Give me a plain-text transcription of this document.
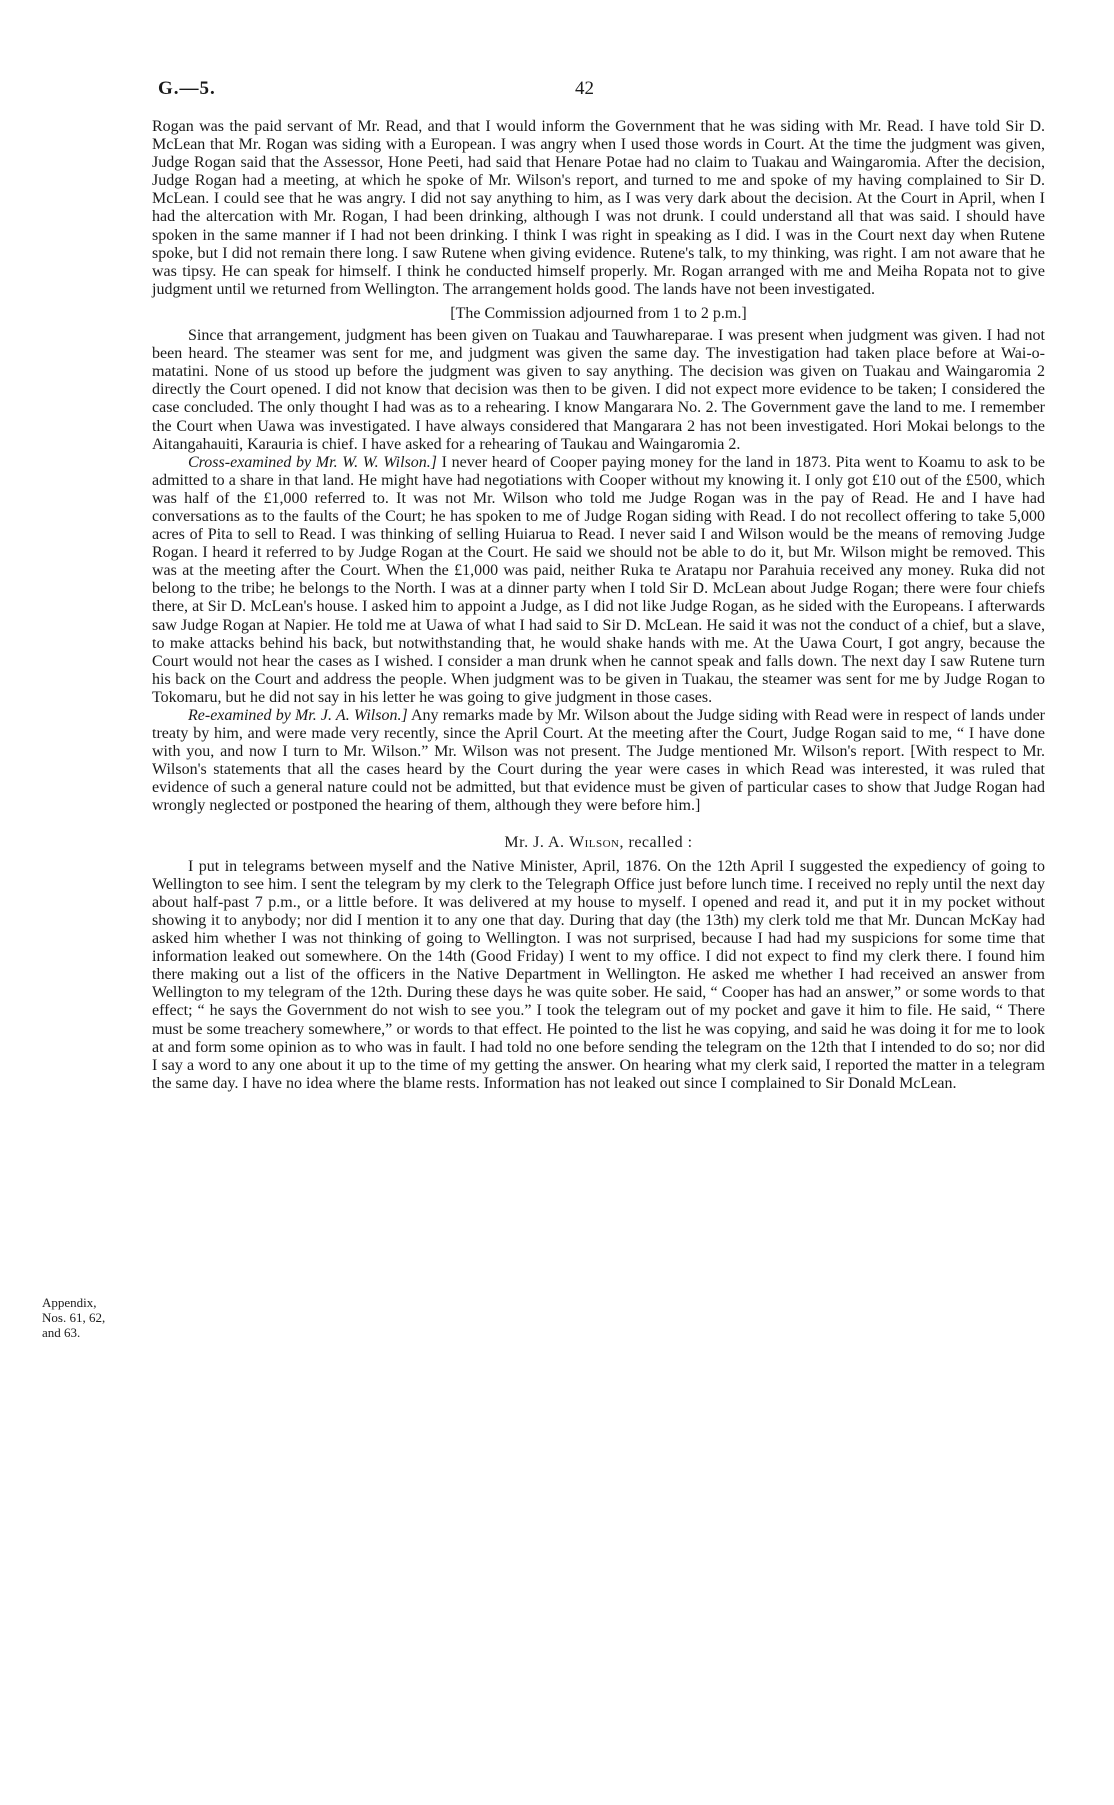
G.—5.	42

Rogan was the paid servant of Mr. Read, and that I would inform the Government that he was siding with Mr. Read. I have told Sir D. McLean that Mr. Rogan was siding with a European. I was angry when I used those words in Court. At the time the judgment was given, Judge Rogan said that the Assessor, Hone Peeti, had said that Henare Potae had no claim to Tuakau and Waingaromia. After the decision, Judge Rogan had a meeting, at which he spoke of Mr. Wilson's report, and turned to me and spoke of my having complained to Sir D. McLean. I could see that he was angry. I did not say anything to him, as I was very dark about the decision. At the Court in April, when I had the altercation with Mr. Rogan, I had been drinking, although I was not drunk. I could understand all that was said. I should have spoken in the same manner if I had not been drinking. I think I was right in speaking as I did. I was in the Court next day when Rutene spoke, but I did not remain there long. I saw Rutene when giving evidence. Rutene's talk, to my thinking, was right. I am not aware that he was tipsy. He can speak for himself. I think he conducted himself properly. Mr. Rogan arranged with me and Meiha Ropata not to give judgment until we returned from Wellington. The arrangement holds good. The lands have not been investigated.

[The Commission adjourned from 1 to 2 p.m.]

Since that arrangement, judgment has been given on Tuakau and Tauwhareparae. I was present when judgment was given. I had not been heard. The steamer was sent for me, and judgment was given the same day. The investigation had taken place before at Wai-o-matatini. None of us stood up before the judgment was given to say anything. The decision was given on Tuakau and Waingaromia 2 directly the Court opened. I did not know that decision was then to be given. I did not expect more evidence to be taken; I considered the case concluded. The only thought I had was as to a rehearing. I know Mangarara No. 2. The Government gave the land to me. I remember the Court when Uawa was investigated. I have always considered that Mangarara 2 has not been investigated. Hori Mokai belongs to the Aitangahauiti, Karauria is chief. I have asked for a rehearing of Taukau and Waingaromia 2.

Cross-examined by Mr. W. W. Wilson.] I never heard of Cooper paying money for the land in 1873. Pita went to Koamu to ask to be admitted to a share in that land. He might have had negotiations with Cooper without my knowing it. I only got £10 out of the £500, which was half of the £1,000 referred to. It was not Mr. Wilson who told me Judge Rogan was in the pay of Read. He and I have had conversations as to the faults of the Court; he has spoken to me of Judge Rogan siding with Read. I do not recollect offering to take 5,000 acres of Pita to sell to Read. I was thinking of selling Huiarua to Read. I never said I and Wilson would be the means of removing Judge Rogan. I heard it referred to by Judge Rogan at the Court. He said we should not be able to do it, but Mr. Wilson might be removed. This was at the meeting after the Court. When the £1,000 was paid, neither Ruka te Aratapu nor Parahuia received any money. Ruka did not belong to the tribe; he belongs to the North. I was at a dinner party when I told Sir D. McLean about Judge Rogan; there were four chiefs there, at Sir D. McLean's house. I asked him to appoint a Judge, as I did not like Judge Rogan, as he sided with the Europeans. I afterwards saw Judge Rogan at Napier. He told me at Uawa of what I had said to Sir D. McLean. He said it was not the conduct of a chief, but a slave, to make attacks behind his back, but notwithstanding that, he would shake hands with me. At the Uawa Court, I got angry, because the Court would not hear the cases as I wished. I consider a man drunk when he cannot speak and falls down. The next day I saw Rutene turn his back on the Court and address the people. When judgment was to be given in Tuakau, the steamer was sent for me by Judge Rogan to Tokomaru, but he did not say in his letter he was going to give judgment in those cases.

Re-examined by Mr. J. A. Wilson.] Any remarks made by Mr. Wilson about the Judge siding with Read were in respect of lands under treaty by him, and were made very recently, since the April Court. At the meeting after the Court, Judge Rogan said to me, “ I have done with you, and now I turn to Mr. Wilson.” Mr. Wilson was not present. The Judge mentioned Mr. Wilson's report. [With respect to Mr. Wilson's statements that all the cases heard by the Court during the year were cases in which Read was interested, it was ruled that evidence of such a general nature could not be admitted, but that evidence must be given of particular cases to show that Judge Rogan had wrongly neglected or postponed the hearing of them, although they were before him.]

Mr. J. A. Wilson, recalled :

I put in telegrams between myself and the Native Minister, April, 1876. On the 12th April I suggested the expediency of going to Wellington to see him. I sent the telegram by my clerk to the Telegraph Office just before lunch time. I received no reply until the next day about half-past 7 p.m., or a little before. It was delivered at my house to myself. I opened and read it, and put it in my pocket without showing it to anybody; nor did I mention it to any one that day. During that day (the 13th) my clerk told me that Mr. Duncan McKay had asked him whether I was not thinking of going to Wellington. I was not surprised, because I had had my suspicions for some time that information leaked out somewhere. On the 14th (Good Friday) I went to my office. I did not expect to find my clerk there. I found him there making out a list of the officers in the Native Department in Wellington. He asked me whether I had received an answer from Wellington to my telegram of the 12th. During these days he was quite sober. He said, “ Cooper has had an answer,” or some words to that effect; “ he says the Government do not wish to see you.” I took the telegram out of my pocket and gave it him to file. He said, “ There must be some treachery somewhere,” or words to that effect. He pointed to the list he was copying, and said he was doing it for me to look at and form some opinion as to who was in fault. I had told no one before sending the telegram on the 12th that I intended to do so; nor did I say a word to any one about it up to the time of my getting the answer. On hearing what my clerk said, I reported the matter in a telegram the same day. I have no idea where the blame rests. Information has not leaked out since I complained to Sir Donald McLean.

Appendix,
Nos. 61, 62,
and 63.
